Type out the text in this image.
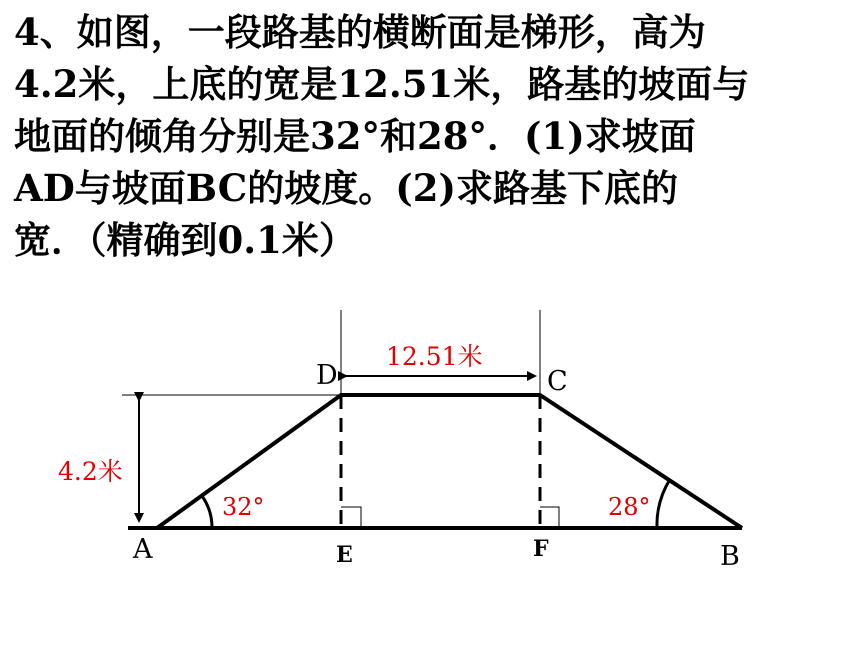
4、如图，一段路基的横断面是梯形，高为
4.2米，上底的宽是12.51米，路基的坡面与
地面的倾角分别是32°和28°．(1)求坡面
AD与坡面BC的坡度。(2)求路基下底的
宽．（精确到0.1米）
A	B
C
D
E	F
4.2米
12.51米
32°	28°
